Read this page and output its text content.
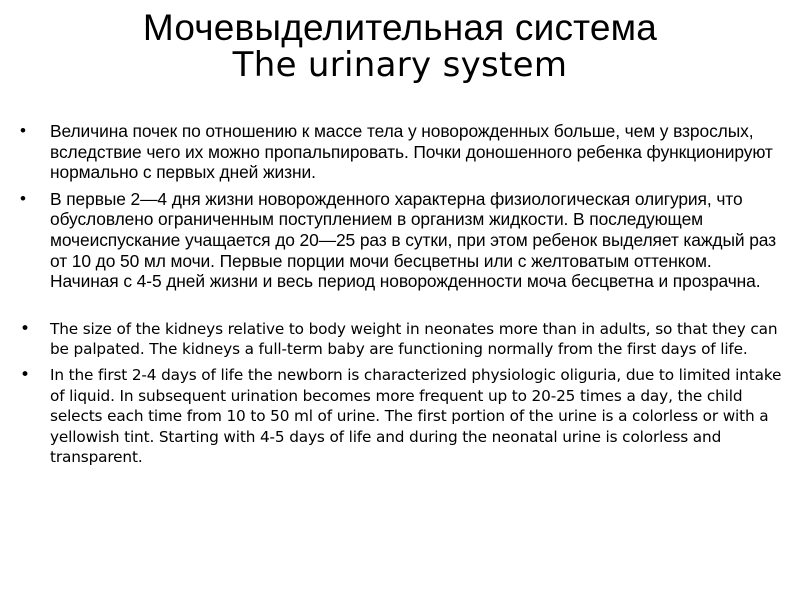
Мочевыделительная система
The urinary system
•	Величина почек по отношению к массе тела у новорожденных больше, чем у взрослых, вследствие чего их можно пропальпировать. Почки доношенного ребенка функционируют нормально с первых дней жизни.
•	В первые 2—4 дня жизни новорожденного характерна физиологическая олигурия, что обусловлено ограниченным поступлением в организм жидкости. В последующем мочеиспускание учащается до 20—25 раз в сутки, при этом ребенок выделяет каждый раз от 10 до 50 мл мочи. Первые порции мочи бесцветны или с желтоватым оттенком. Начиная с 4-5 дней жизни и весь период новорожденности моча бесцветна и прозрачна.
• The size of the kidneys relative to body weight in neonates more than in adults, so that they can be palpated. The kidneys a full-term baby are functioning normally from the first days of life.
• In the first 2-4 days of life the newborn is characterized physiologic oliguria, due to limited intake of liquid. In subsequent urination becomes more frequent up to 20-25 times a day, the child selects each time from 10 to 50 ml of urine. The first portion of the urine is a colorless or with a yellowish tint. Starting with 4-5 days of life and during the neonatal urine is colorless and transparent.
